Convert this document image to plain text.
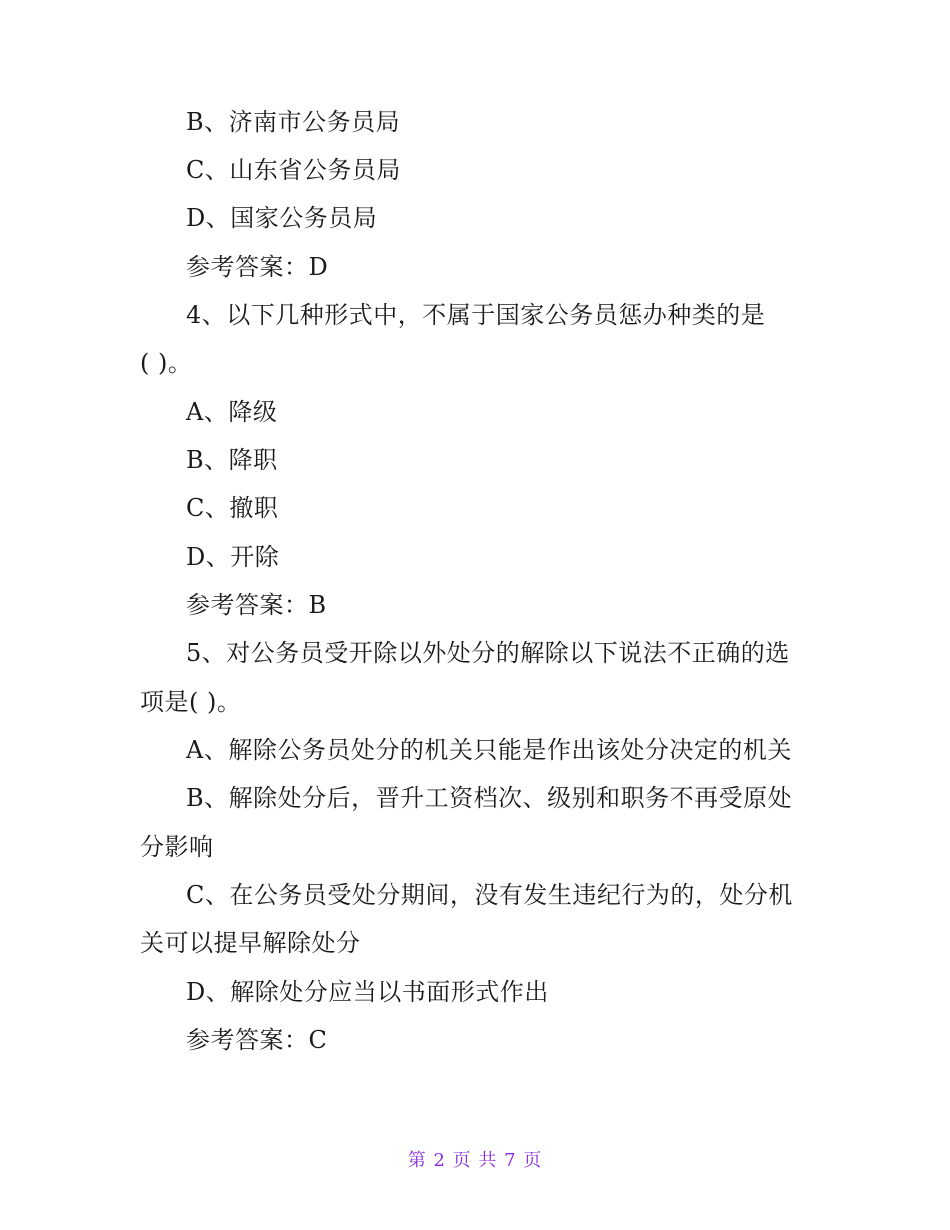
B、济南市公务员局
C、山东省公务员局
D、国家公务员局
参考答案：D
4、以下几种形式中，不属于国家公务员惩办种类的是
( )。
A、降级
B、降职
C、撤职
D、开除
参考答案：B
5、对公务员受开除以外处分的解除以下说法不正确的选
项是( )。
A、解除公务员处分的机关只能是作出该处分决定的机关
B、解除处分后，晋升工资档次、级别和职务不再受原处
分影响
C、在公务员受处分期间，没有发生违纪行为的，处分机
关可以提早解除处分
D、解除处分应当以书面形式作出
参考答案：C
第 2 页 共 7 页
